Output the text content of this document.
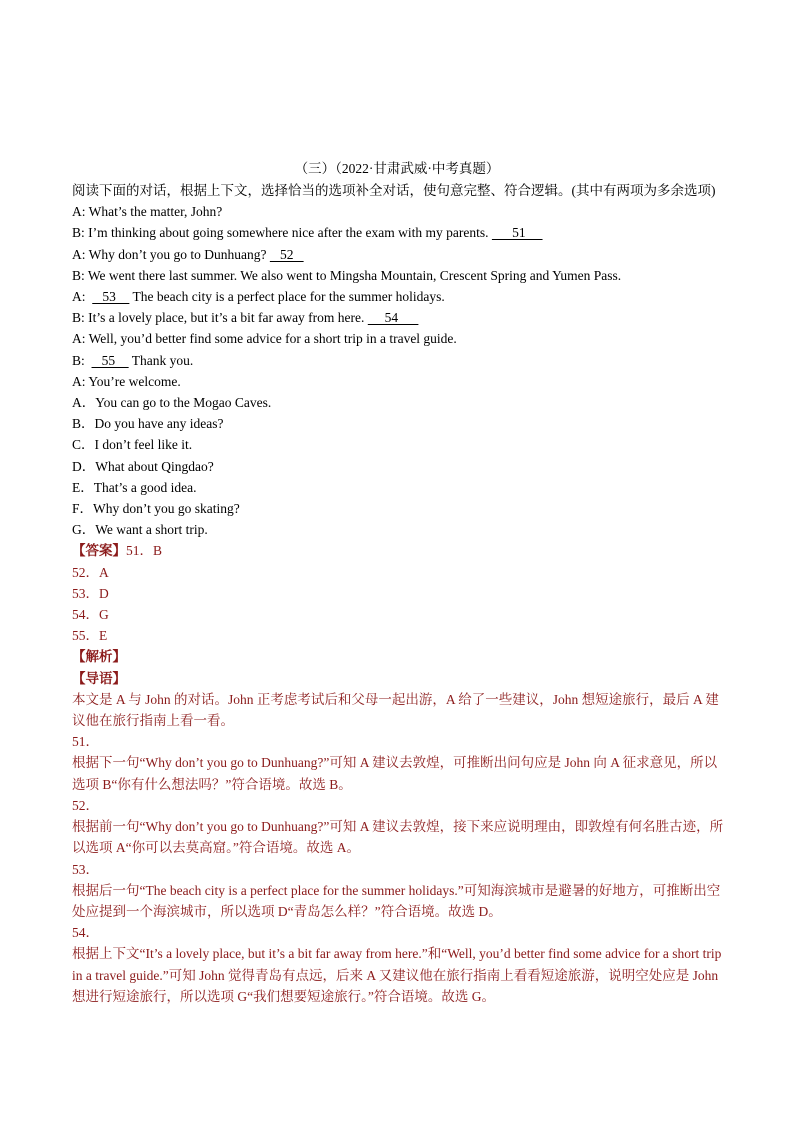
（三）（2022·甘肃武威·中考真题）
阅读下面的对话，根据上下文，选择恰当的选项补全对话，使句意完整、符合逻辑。(其中有两项为多余选项)
A: What’s the matter, John?
B: I’m thinking about going somewhere nice after the exam with my parents.       51
A: Why don’t you go to Dunhuang?    52
B: We went there last summer. We also went to Mingsha Mountain, Crescent Spring and Yumen Pass.
A:     53     The beach city is a perfect place for the summer holidays.
B: It’s a lovely place, but it’s a bit far away from here.      54
A: Well, you’d better find some advice for a short trip in a travel guide.
B:     55     Thank you.
A: You’re welcome.
A．You can go to the Mogao Caves.
B．Do you have any ideas?
C．I don’t feel like it.
D．What about Qingdao?
E．That’s a good idea.
F．Why don’t you go skating?
G．We want a short trip.
【答案】51．B
52．A
53．D
54．G
55．E
【解析】
【导语】
本文是 A 与 John 的对话。John 正考虑考试后和父母一起出游，A 给了一些建议，John 想短途旅行，最后 A 建议他在旅行指南上看一看。
51．
根据下一句“Why don’t you go to Dunhuang?”可知 A 建议去敦煌，可推断出问句应是 John 向 A 征求意见，所以选项 B“你有什么想法吗？”符合语境。故选 B。
52．
根据前一句“Why don’t you go to Dunhuang?”可知 A 建议去敦煌，接下来应说明理由，即敦煌有何名胜古迹，所以选项 A“你可以去莫高窟。”符合语境。故选 A。
53．
根据后一句“The beach city is a perfect place for the summer holidays.”可知海滨城市是避暑的好地方，可推断出空处应提到一个海滨城市，所以选项 D“青岛怎么样？”符合语境。故选 D。
54．
根据上下文“It’s a lovely place, but it’s a bit far away from here.”和“Well, you’d better find some advice for a short trip in a travel guide.”可知 John 觉得青岛有点远，后来 A 又建议他在旅行指南上看看短途旅游，说明空处应是 John 想进行短途旅行，所以选项 G“我们想要短途旅行。”符合语境。故选 G。
